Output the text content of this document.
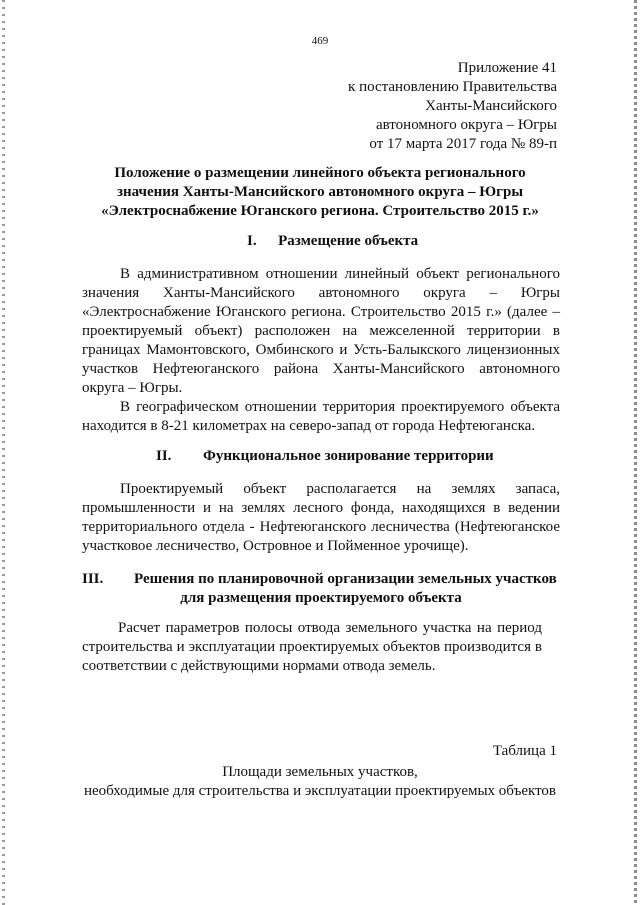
469
Приложение 41
к постановлению Правительства
Ханты-Мансийского
автономного округа – Югры
от 17 марта 2017 года № 89-п
Положение о размещении линейного объекта регионального
значения Ханты-Мансийского автономного округа – Югры
«Электроснабжение Юганского региона. Строительство 2015 г.»
I. Размещение объекта
В административном отношении линейный объект регионального
значения Ханты-Мансийского автономного округа – Югры
«Электроснабжение Юганского региона. Строительство 2015 г.» (далее –
проектируемый объект) расположен на межселенной территории в
границах Мамонтовского, Омбинского и Усть-Балыкского лицензионных
участков Нефтеюганского района Ханты-Мансийского автономного
округа – Югры.
В географическом отношении территория проектируемого объекта
находится в 8-21 километрах на северо-запад от города Нефтеюганска.
II. Функциональное зонирование территории
Проектируемый объект располагается на землях запаса,
промышленности и на землях лесного фонда, находящихся в ведении
территориального отдела - Нефтеюганского лесничества (Нефтеюганское
участковое лесничество, Островное и Пойменное урочище).
III. Решения по планировочной организации земельных участков
для размещения проектируемого объекта
Расчет параметров полосы отвода земельного участка на период
строительства и эксплуатации проектируемых объектов производится в
соответствии с действующими нормами отвода земель.
Таблица 1
Площади земельных участков,
необходимые для строительства и эксплуатации проектируемых объектов
